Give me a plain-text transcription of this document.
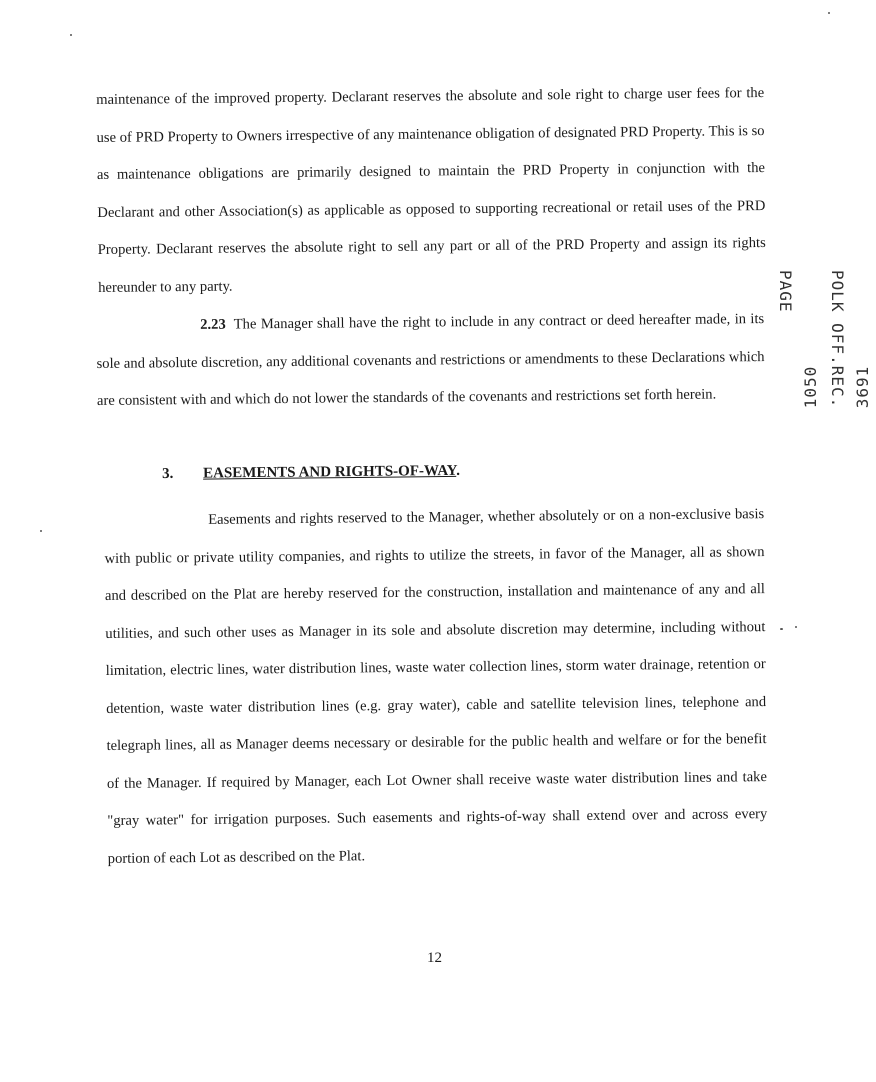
maintenance of the improved property. Declarant reserves the absolute and sole right to charge user fees for the use of PRD Property to Owners irrespective of any maintenance obligation of designated PRD Property. This is so as maintenance obligations are primarily designed to maintain the PRD Property in conjunction with the Declarant and other Association(s) as applicable as opposed to supporting recreational or retail uses of the PRD Property. Declarant reserves the absolute right to sell any part or all of the PRD Property and assign its rights hereunder to any party.

2.23 The Manager shall have the right to include in any contract or deed hereafter made, in its sole and absolute discretion, any additional covenants and restrictions or amendments to these Declarations which are consistent with and which do not lower the standards of the covenants and restrictions set forth herein.

3. EASEMENTS AND RIGHTS-OF-WAY.

Easements and rights reserved to the Manager, whether absolutely or on a non-exclusive basis with public or private utility companies, and rights to utilize the streets, in favor of the Manager, all as shown and described on the Plat are hereby reserved for the construction, installation and maintenance of any and all utilities, and such other uses as Manager in its sole and absolute discretion may determine, including without limitation, electric lines, water distribution lines, waste water collection lines, storm water drainage, retention or detention, waste water distribution lines (e.g. gray water), cable and satellite television lines, telephone and telegraph lines, all as Manager deems necessary or desirable for the public health and welfare or for the benefit of the Manager. If required by Manager, each Lot Owner shall receive waste water distribution lines and take "gray water" for irrigation purposes. Such easements and rights-of-way shall extend over and across every portion of each Lot as described on the Plat.

12
3691
POLK OFF.REC.
1050
PAGE
